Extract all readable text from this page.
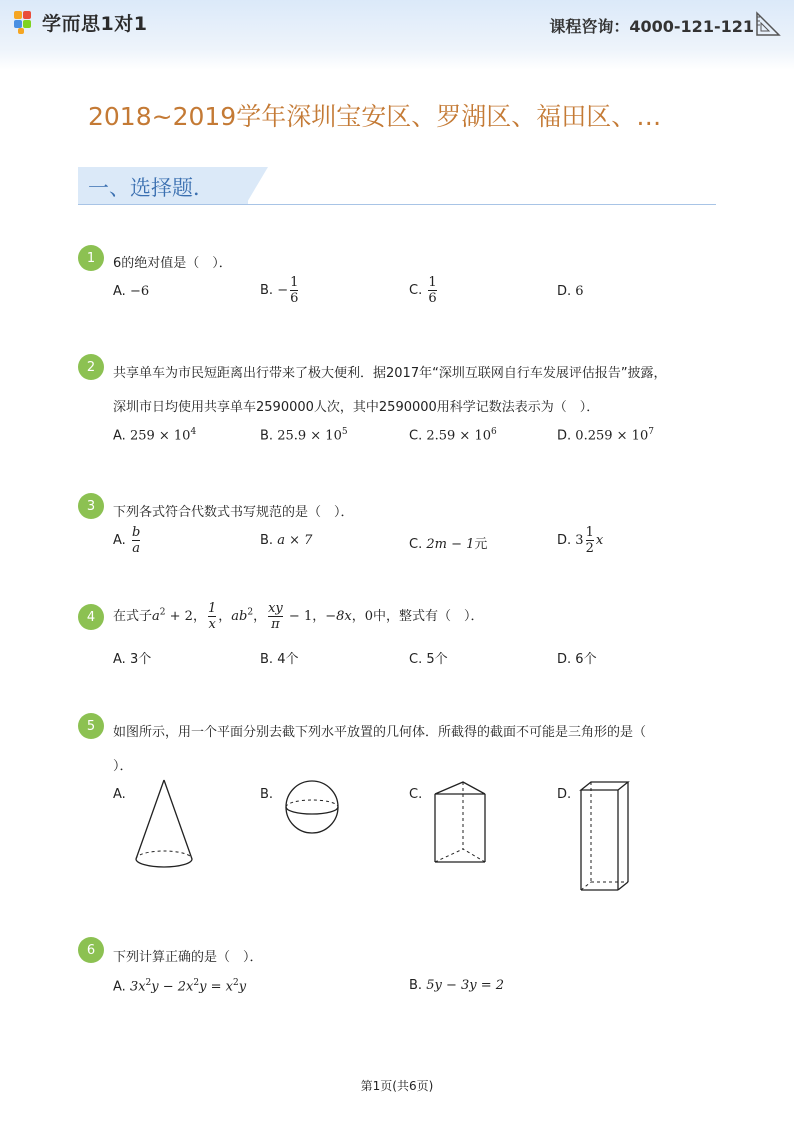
学而思1对1	课程咨询：4000-121-121
2018~2019学年深圳宝安区、罗湖区、福田区、…
一、选择题．
1	6的绝对值是（　）．
A. −6	B. − $\frac{1}{6}$	C. $\frac{1}{6}$	D. 6
2	共享单车为市民短距离出行带来了极大便利．据2017年“深圳互联网自行车发展评估报告”披露，
深圳市日均使用共享单车2590000人次，其中2590000用科学记数法表示为（　）．
A. $259 \times 10^4$	B. $25.9 \times 10^5$	C. $2.59 \times 10^6$	D. $0.259 \times 10^7$
3	下列各式符合代数式书写规范的是（　）．
A. $\frac{b}{a}$	B. a × 7	C. 2m − 1元	D. $3 \frac{1}{2}$ x
4	在式子$a^2 + 2$， $\frac{1}{x}$ ，$ab^2$， $\frac{xy}{\pi} - 1$，−8x，0中，整式有（　）．
A. 3个	B. 4个	C. 5个	D. 6个
5	如图所示，用一个平面分别去截下列水平放置的几何体．所截得的截面不可能是三角形的是（
）．
A.	B.	C.	D.
6	下列计算正确的是（　）．
A. $3x^2y - 2x^2y = x^2y$	B. 5y − 3y = 2
第1页(共6页)
